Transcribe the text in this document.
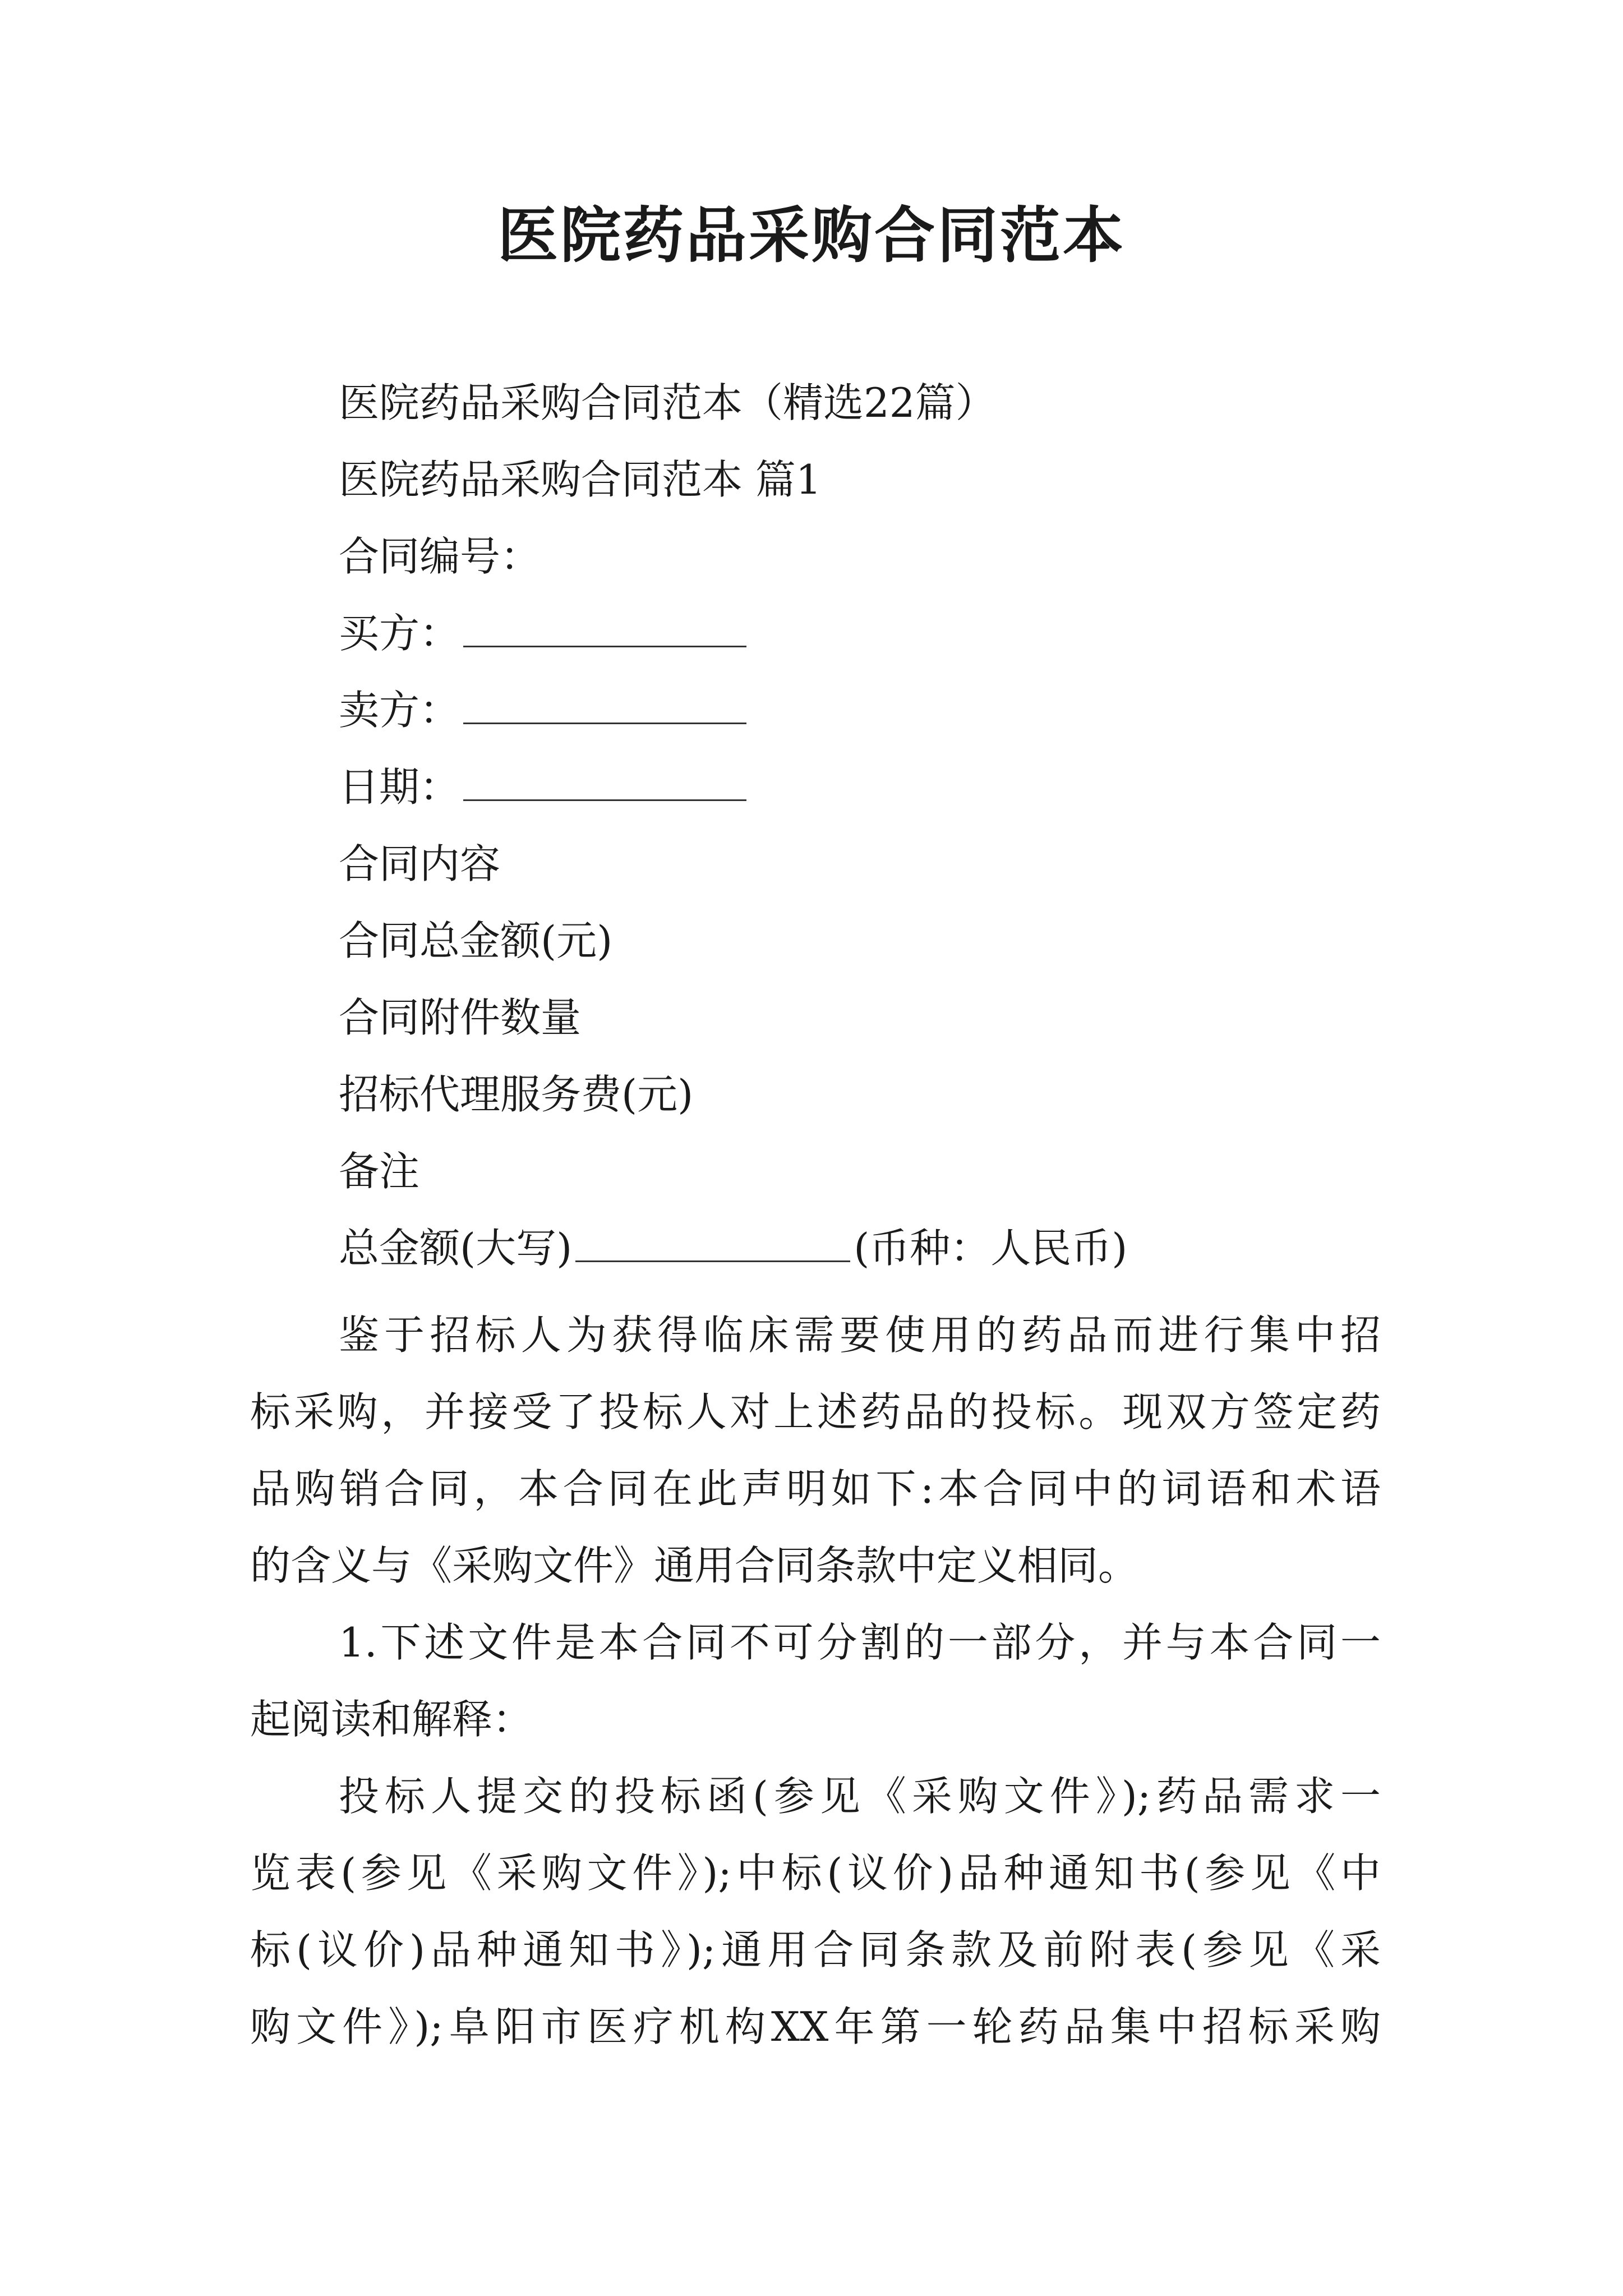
医院药品采购合同范本
医院药品采购合同范本（精选22篇）
医院药品采购合同范本 篇1
合同编号：
买方：
卖方：
日期：
合同内容
合同总金额(元)
合同附件数量
招标代理服务费(元)
备注
总金额(大写)	(币种：人民币)
鉴于招标人为获得临床需要使用的药品而进行集中招
标采购，并接受了投标人对上述药品的投标。现双方签定药
品购销合同，本合同在此声明如下:本合同中的词语和术语
的含义与《采购文件》通用合同条款中定义相同。
1.下述文件是本合同不可分割的一部分，并与本合同一
起阅读和解释：
投标人提交的投标函(参见《采购文件》);药品需求一
览表(参见《采购文件》);中标(议价)品种通知书(参见《中
标(议价)品种通知书》);通用合同条款及前附表(参见《采
购文件》);阜阳市医疗机构XX年第一轮药品集中招标采购
